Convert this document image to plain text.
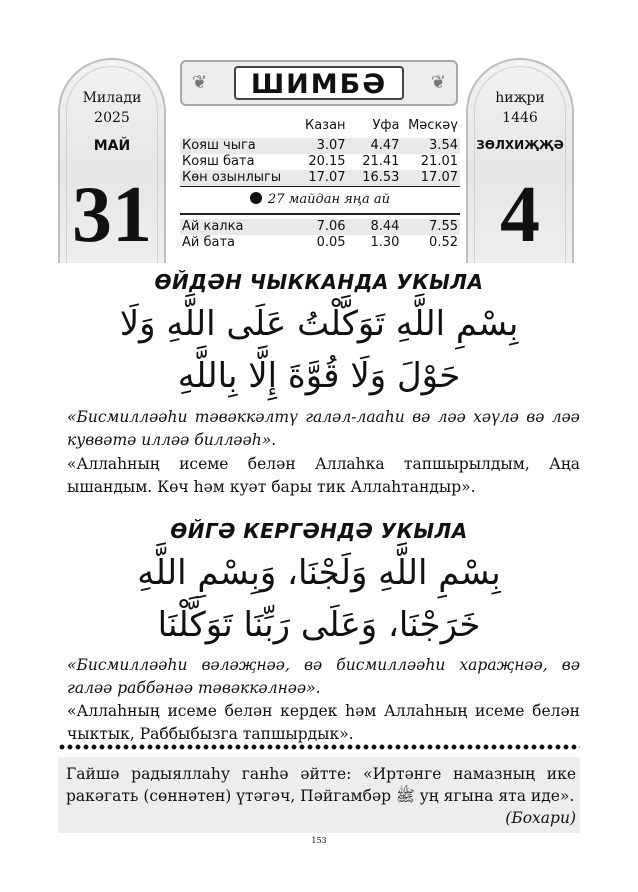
Милади
2025
МАЙ
31
һиҗри
1446
ЗӨЛХИҖҖӘ
4
❦	ШИМБӘ	❦
	Казан	Уфа	Мәскәү

Кояш чыга	3.07	4.47	3.54
Кояш бата	20.15	21.41	21.01
Көн озынлыгы	17.07	16.53	17.07
27 майдан яңа ай			

Ай калка	7.06	8.44	7.55
Ай бата	0.05	1.30	0.52
ӨЙДӘН ЧЫККАНДА УКЫЛА
بِسْمِ اللَّهِ تَوَكَّلْتُ عَلَى اللَّهِ وَلَا
حَوْلَ وَلَا قُوَّةَ إِلَّا بِاللَّهِ
«Бисмилләәһи тәвәккәлтү галәл-лааһи вә ләә хәүлә вә ләә куввәтә илләә билләәһ».
«Аллаһның исеме белән Аллаһка тапшырылдым, Аңа ышандым. Көч һәм куәт бары тик Аллаһтандыр».
ӨЙГӘ КЕРГӘНДӘ УКЫЛА
بِسْمِ اللَّهِ وَلَجْنَا، وَبِسْمِ اللَّهِ
خَرَجْنَا، وَعَلَى رَبِّنَا تَوَكَّلْنَا
«Бисмилләәһи вәләҗнәә, вә бисмилләәһи хараҗнәә, вә галәә раббәнәә тәвәккәлнәә».
«Аллаһның исеме белән кердек һәм Аллаһның исеме белән чыктык, Раббыбызга тапшырдык».
Гайшә радыяллаһу ганһә әйтте: «Иртәнге намазның ике ракәгать (сөннәтен) үтәгәч, Пәйгамбәр ﷺ уң ягына ята иде».
(Бохари)
153
